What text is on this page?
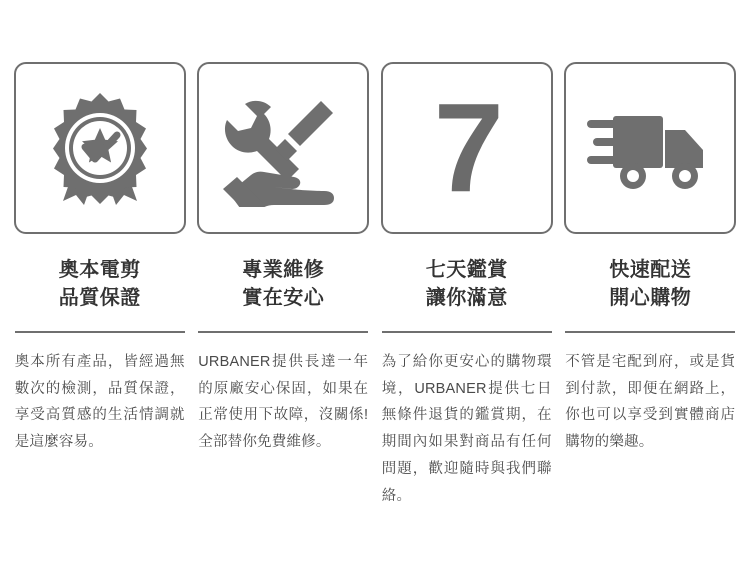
奧本電剪
品質保證
奧本所有產品，皆經過無數次的檢測，品質保證，享受高質感的生活情調就是這麼容易。
專業維修
實在安心
URBANER提供長達一年的原廠安心保固，如果在正常使用下故障，沒關係!全部替你免費維修。
7
七天鑑賞
讓你滿意
為了給你更安心的購物環境，URBANER提供七日無條件退貨的鑑賞期，在期間內如果對商品有任何問題，歡迎隨時與我們聯絡。
快速配送
開心購物
不管是宅配到府，或是貨到付款，即便在網路上，你也可以享受到實體商店購物的樂趣。
